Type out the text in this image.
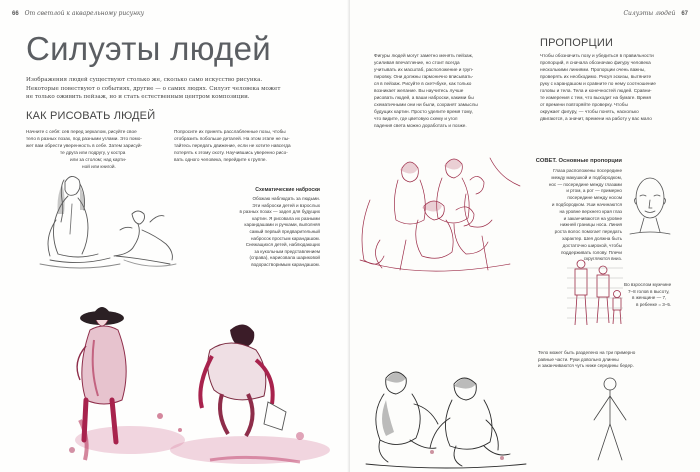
66 От светлой к акварельному рисунку
Силуэты людей
Изображения людей существуют столько же, сколько само искусство рисунка.
Некоторые повествуют о событиях, другие — о самих людях. Силуэт человека может
не только оживить пейзаж, но и стать естественным центром композиции.
КАК РИСОВАТЬ ЛЮДЕЙ
Начните с себя: сев перед зеркалом, рисуйте свое
тело в разных позах, под разными углами. Это помо-
жет вам обрести уверенность в себе. Затем зарисуй-
те друга или подругу, у костра
или за столом; над карти-
ной или книгой.
Попросите их принять расслабленные позы, чтобы
отобразить побольше деталей. На этом этапе не пы-
тайтесь передать движение, если не хотите навсегда
потерять к этому охоту. Научившись уверенно рисо-
вать одного человека, перейдите к группе.
Схематические наброски
Обожаю наблюдать за людьми.
Эти наброски детей и взрослых
в разных позах — задел для будущих
картин. Я рисовала их разными
карандашами и ручками, выполняя
самый первый предварительный
набросок простым карандашом.
Снежащихся детей, наблюдающих
за кукольным представлением
(справа), нарисовала шариковой
водорастворимым карандашом.
Силуэты людей 67
Фигуры людей могут заметно менять пейзаж,
усиливая впечатление, но стоит всегда
учитывать их масштаб, расположение и груп-
пировку. Они должны гармонично вписывать-
ся в пейзаж. Рисуйте в скетчбуке, как только
возникает желание. Вы научитесь лучше
рисовать людей, а ваши наброски, какими бы
схематичными они ни были, сохранят замыслы
будущих картин. Просто уделите время тому,
что видите, где цветовую схему и угол
падения света можно доработать и позже.
ПРОПОРЦИИ
Чтобы обозначить позу и убедиться в правильности
пропорций, я сначала обозначаю фигуру человека
несколькими линиями. Пропорции очень важны,
проверять их необходимо. Рисуя эскизы, вытяните
руку с карандашом и сравните по нему соотношение
головы и тела. Тела и конечностей людей. Сравни-
те измерения с тем, что выходит на бумаге. Время
от времени повторяйте проверку. Чтобы
окружает фигуру, — чтобы понять, насколько
двигаются, а значит, времени на работу у вас мало
СОВЕТ. Основные пропорции
Глаза расположены посередине
между макушкой и подбородком,
нос — посередине между глазами
и ртом, а рот — примерно
посередине между носом
и подбородком. Уши начинаются
на уровне верхнего края глаз
и заканчиваются на уровне
нижней границы носа. Линия
роста волос помогает передать
характер. Шея должна быть
достаточно широкой, чтобы
поддерживать голову. Плечи
скругляются вниз.
Во взрослом мужчине
7–8 голов в высоту,
в женщине — 7,
в ребенке = 3–5.
Тело может быть разделено на три примерно
равные части. Руки довольно длинны
и заканчиваются чуть ниже середины бедер.
